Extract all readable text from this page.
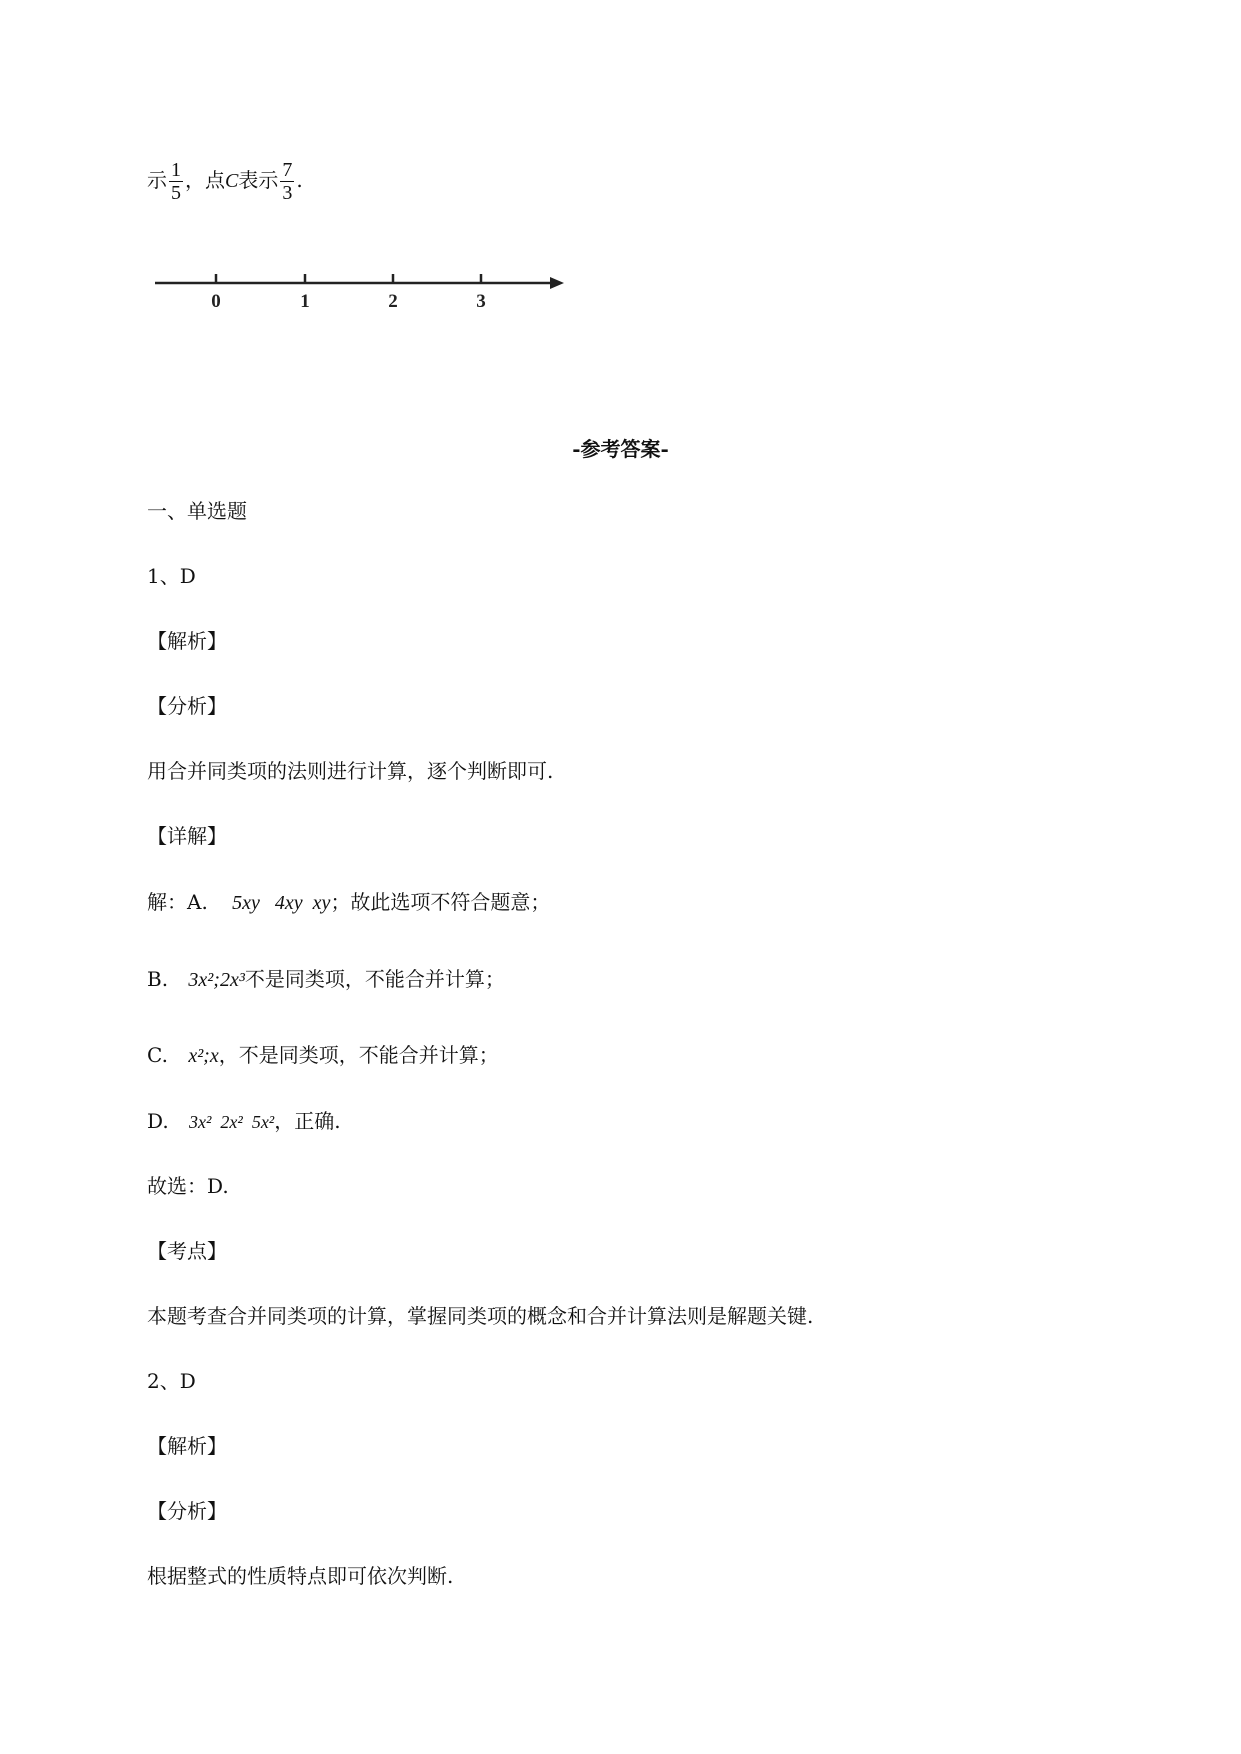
示 $\frac{1}{5}$ ，点C表示 $\frac{7}{3}$ .
0	1	2	3
-参考答案-
一、单选题
1、D
【解析】
【分析】
用合并同类项的法则进行计算，逐个判断即可.
【详解】
解：A. 5xy   4xy  xy；故此选项不符合题意；
B. 3x²;2x³不是同类项，不能合并计算；
C. x²;x，不是同类项，不能合并计算；
D. 3x²  2x²  5x²，正确.
故选：D.
【考点】
本题考查合并同类项的计算，掌握同类项的概念和合并计算法则是解题关键.
2、D
【解析】
【分析】
根据整式的性质特点即可依次判断.
